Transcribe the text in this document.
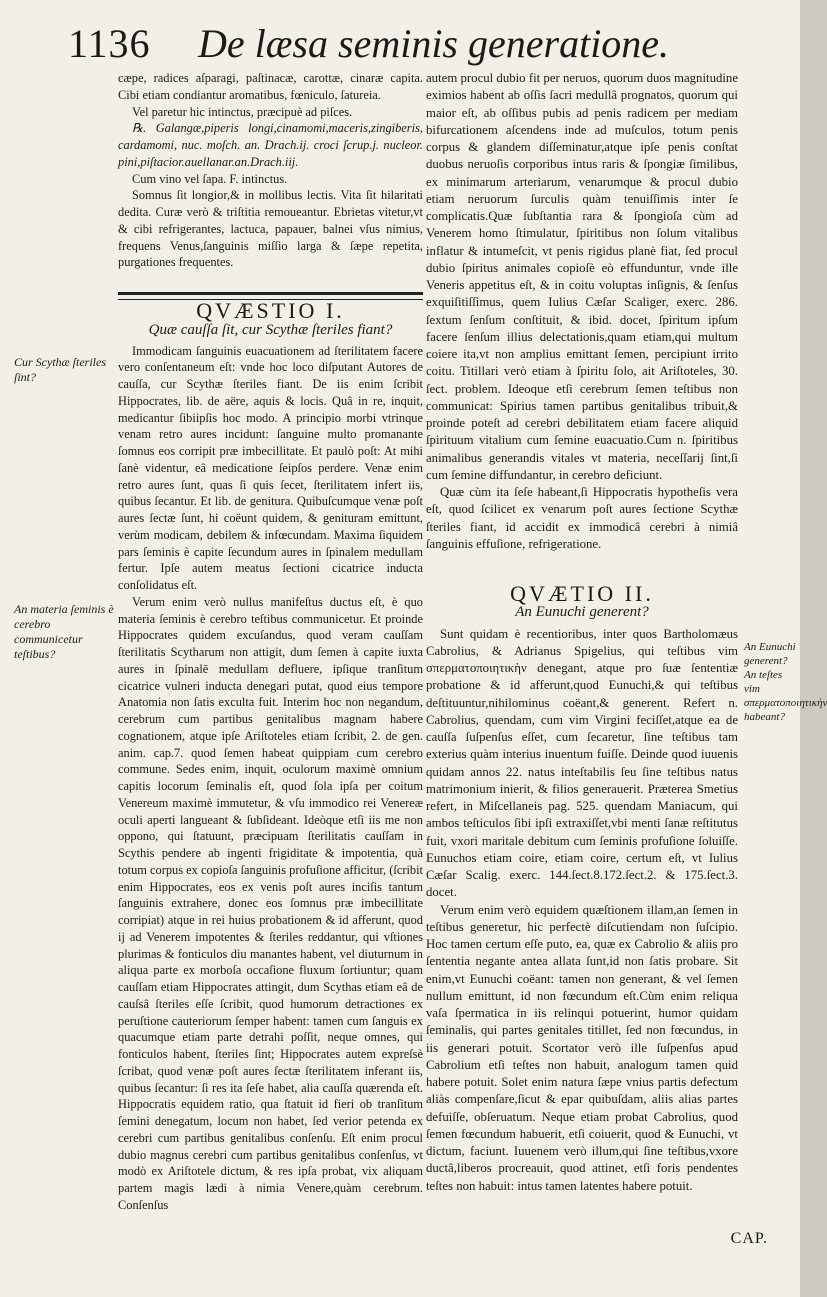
1136 De læsa seminis generatione.

cæpe, radices aſparagi, paſtinacæ, carottæ, cinaræ capita. Cibi etiam condiantur aromatibus, fœniculo, ſatureia.

Vel paretur hic intinctus, præcipuè ad piſces.

℞. Galangæ,piperis longi,cinamomi,maceris,zingiberis, cardamomi, nuc. moſch. an. Drach.ij. croci ſcrup.j. nucleor. pini,piſtacior.auellanar.an.Drach.iij.

Cum vino vel ſapa. F. intinctus.

Somnus ſit longior,& in mollibus lectis. Vita ſit hilaritati dedita. Curæ verò & triſtitia remoueantur. Ebrietas vitetur,vt & cibi refrigerantes, lactuca, papauer, balnei vſus nimius, frequens Venus,ſanguinis miſſio larga & ſæpe repetita, purgationes frequentes.

QVÆSTIO I.
Quæ cauſſa ſit, cur Scythæ ſteriles fiant?

Immodicam ſanguinis euacuationem ad ſterilitatem facere vero conſentaneum eſt: vnde hoc loco diſputant Autores de cauſſa, cur Scythæ ſteriles fiant. De iis enim ſcribit Hippocrates, lib. de aëre, aquis & locis. Quâ in re, inquit, medicantur ſibiipſis hoc modo. A principio morbi vtrinque venam retro aures incidunt: ſanguine multo promanante ſomnus eos corripit præ imbecillitate. Et paulò poſt: At mihi ſanè videntur, eâ medicatione ſeipſos perdere. Venæ enim retro aures ſunt, quas ſi quis ſecet, ſterilitatem infert iis, quibus ſecantur. Et lib. de genitura. Quibuſcumque venæ poſt aures ſectæ ſunt, hi coëunt quidem, & genituram emittunt, verùm modicam, debilem & infœcundam. Maxima ſiquidem pars ſeminis è capite ſecundum aures in ſpinalem medullam fertur. Ipſe autem meatus ſectioni cicatrice inducta conſolidatus eſt.

Verum enim verò nullus manifeſtus ductus eſt, è quo materia ſeminis è cerebro teſtibus communicetur. Et proinde Hippocrates quidem excuſandus, quod veram cauſſam ſterilitatis Scytharum non attigit, dum ſemen à capite iuxta aures in ſpinalē medullam defluere, ipſique tranſitum cicatrice vulneri inducta denegari putat, quod eius tempore Anatomia non ſatis exculta fuit. Interim hoc non negandum, cerebrum cum partibus genitalibus magnam habere cognationem, atque ipſe Ariſtoteles etiam ſcribit, 2. de gen. anim. cap.7. quod ſemen habeat quippiam cum cerebro commune. Sedes enim, inquit, oculorum maximè omnium capitis locorum ſeminalis eſt, quod ſola ipſa per coitum Venereum maximè immutetur, & vſu immodico rei Venereæ oculi aperti langueant & ſubſideant. Ideòque etſi iis me non oppono, qui ſtatuunt, præcipuam ſterilitatis cauſſam in Scythis pendere ab ingenti frigiditate & impotentia, quà totum corpus ex copioſa ſanguinis profuſione afficitur, (ſcribit enim Hippocrates, eos ex venis poſt aures inciſis tantum ſanguinis extrahere, donec eos ſomnus præ imbecillitate corripiat) atque in rei huius probationem & id afferunt, quod ij ad Venerem impotentes & ſteriles reddantur, qui vſtiones plurimas & fonticulos diu manantes habent, vel diuturnum in aliqua parte ex morboſa occaſione fluxum ſortiuntur; quam cauſſam etiam Hippocrates attingit, dum Scythas etiam eâ de cauſsâ ſteriles eſſe ſcribit, quod humorum detractiones ex peruſtione cauteriorum ſemper habent: tamen cum ſanguis ex quacumque etiam parte detrahi poſſit, neque omnes, qui fonticulos habent, ſteriles ſint; Hippocrates autem expreſsè ſcribat, quod venæ poſt aures ſectæ ſterilitatem inferant iis, quibus ſecantur: ſi res ita ſeſe habet, alia cauſſa quærenda eſt. Hippocratis equidem ratio, qua ſtatuit id fieri ob tranſitum ſemini denegatum, locum non habet, ſed verior petenda ex cerebri cum partibus genitalibus conſenſu. Eſt enim procul dubio magnus cerebri cum partibus genitalibus conſenſus, vt modò ex Ariſtotele dictum, & res ipſa probat, vix aliquam partem magis lædi à nimia Venere,quàm cerebrum. Conſenſus

autem procul dubio fit per neruos, quorum duos magnitudine eximios habent ab oſſis ſacri medullâ prognatos, quorum qui maior eſt, ab oſſibus pubis ad penis radicem per mediam bifurcationem aſcendens inde ad muſculos, totum penis corpus & glandem diſſeminatur,atque ipſe penis conſtat duobus neruoſis corporibus intus raris & ſpongiæ ſimilibus, ex minimarum arteriarum, venarumque & procul dubio etiam neruorum ſurculis quàm tenuiſſimis inter ſe complicatis.Quæ ſubſtantia rara & ſpongioſa cùm ad Venerem homo ſtimulatur, ſpiritibus non ſolum vitalibus inflatur & intumeſcit, vt penis rigidus planè fiat, ſed procul dubio ſpiritus animales copioſè eò effunduntur, vnde ille Veneris appetitus eſt, & in coitu voluptas inſignis, & ſenſus exquiſitiſſimus, quem Iulius Cæſar Scaliger, exerc. 286. ſextum ſenſum conſtituit, & ibid. docet, ſpiritum ipſum facere ſenſum illius delectationis,quam etiam,qui multum coiere ita,vt non amplius emittant ſemen, percipiunt irrito coitu. Titillari verò etiam à ſpiritu ſolo, ait Ariſtoteles, 30. ſect. problem. Ideoque etſi cerebrum ſemen teſtibus non communicat: Spirius tamen partibus genitalibus tribuit,& proinde poteſt ad cerebri debilitatem etiam facere aliquid ſpirituum vitalium cum ſemine euacuatio.Cum n. ſpiritibus animalibus generandis vitales vt materia, neceſſarij ſint,ſi cum ſemine diffundantur, in cerebro deficiunt.

Quæ cùm ita ſeſe habeant,ſi Hippocratis hypotheſis vera eſt, quod ſcilicet ex venarum poſt aures ſectione Scythæ ſteriles fiant, id accidit ex immodicâ cerebri à nimiâ ſanguinis effuſione, refrigeratione.

QVÆTIO II.
An Eunuchi generent?

Sunt quidam è recentioribus, inter quos Bartholomæus Cabrolius, & Adrianus Spigelius, qui teſtibus vim σπερματοποιητικὴν denegant, atque pro ſuæ ſententiæ probatione & id afferunt,quod Eunuchi,& qui teſtibus deſtituuntur,nihilominus coëant,& generent. Refert n. Cabrolius, quendam, cum vim Virgini feciſſet,atque ea de cauſſa ſuſpenſus eſſet, cum ſecaretur, ſine teſtibus tam exterius quàm interius inuentum fuiſſe. Deinde quod iuuenis quidam annos 22. natus inteſtabilis ſeu ſine teſtibus natus matrimonium inierit, & filios generauerit. Præterea Smetius refert, in Miſcellaneis pag. 525. quendam Maniacum, qui ambos teſticulos ſibi ipſi extraxiſſet,vbi menti ſanæ reſtitutus fuit, vxori maritale debitum cum ſeminis profuſione ſoluiſſe. Eunuchos etiam coire, etiam coire, certum eſt, vt Iulius Cæſar Scalig. exerc. 144.ſect.8.172.ſect.2. & 175.ſect.3. docet.

Verum enim verò equidem quæſtionem illam,an ſemen in teſtibus generetur, hic perfectè diſcutiendam non ſuſcipio. Hoc tamen certum eſſe puto, ea, quæ ex Cabrolio & aliis pro ſententia negante antea allata ſunt,id non ſatis probare. Sit enim,vt Eunuchi coëant: tamen non generant, & vel ſemen nullum emittunt, id non fœcundum eſt.Cùm enim reliqua vaſa ſpermatica in iis relinqui potuerint, humor quidam ſeminalis, qui partes genitales titillet, ſed non fœcundus, in iis generari potuit. Scortator verò ille ſuſpenſus apud Cabrolium etſi teſtes non habuit, analogum tamen quid habere potuit. Solet enim natura ſæpe vnius partis defectum aliàs compenſare,ſicut & epar quibuſdam, aliis alias partes defuiſſe, obſeruatum. Neque etiam probat Cabrolius, quod ſemen fœcundum habuerit, etſi coiuerit, quod & Eunuchi, vt dictum, faciunt. Iuuenem verò illum,qui ſine teſtibus,vxore ductâ,liberos procreauit, quod attinet, etſi foris pendentes teſtes non habuit: intus tamen latentes habere potuit.

Cur Scythæ ſteriles ſint?
An materia ſeminis è cerebro communicetur teſtibus?	An Eunuchi generent? An teſtes vim σπερματοποιητικὴν habeant?
CAP.
